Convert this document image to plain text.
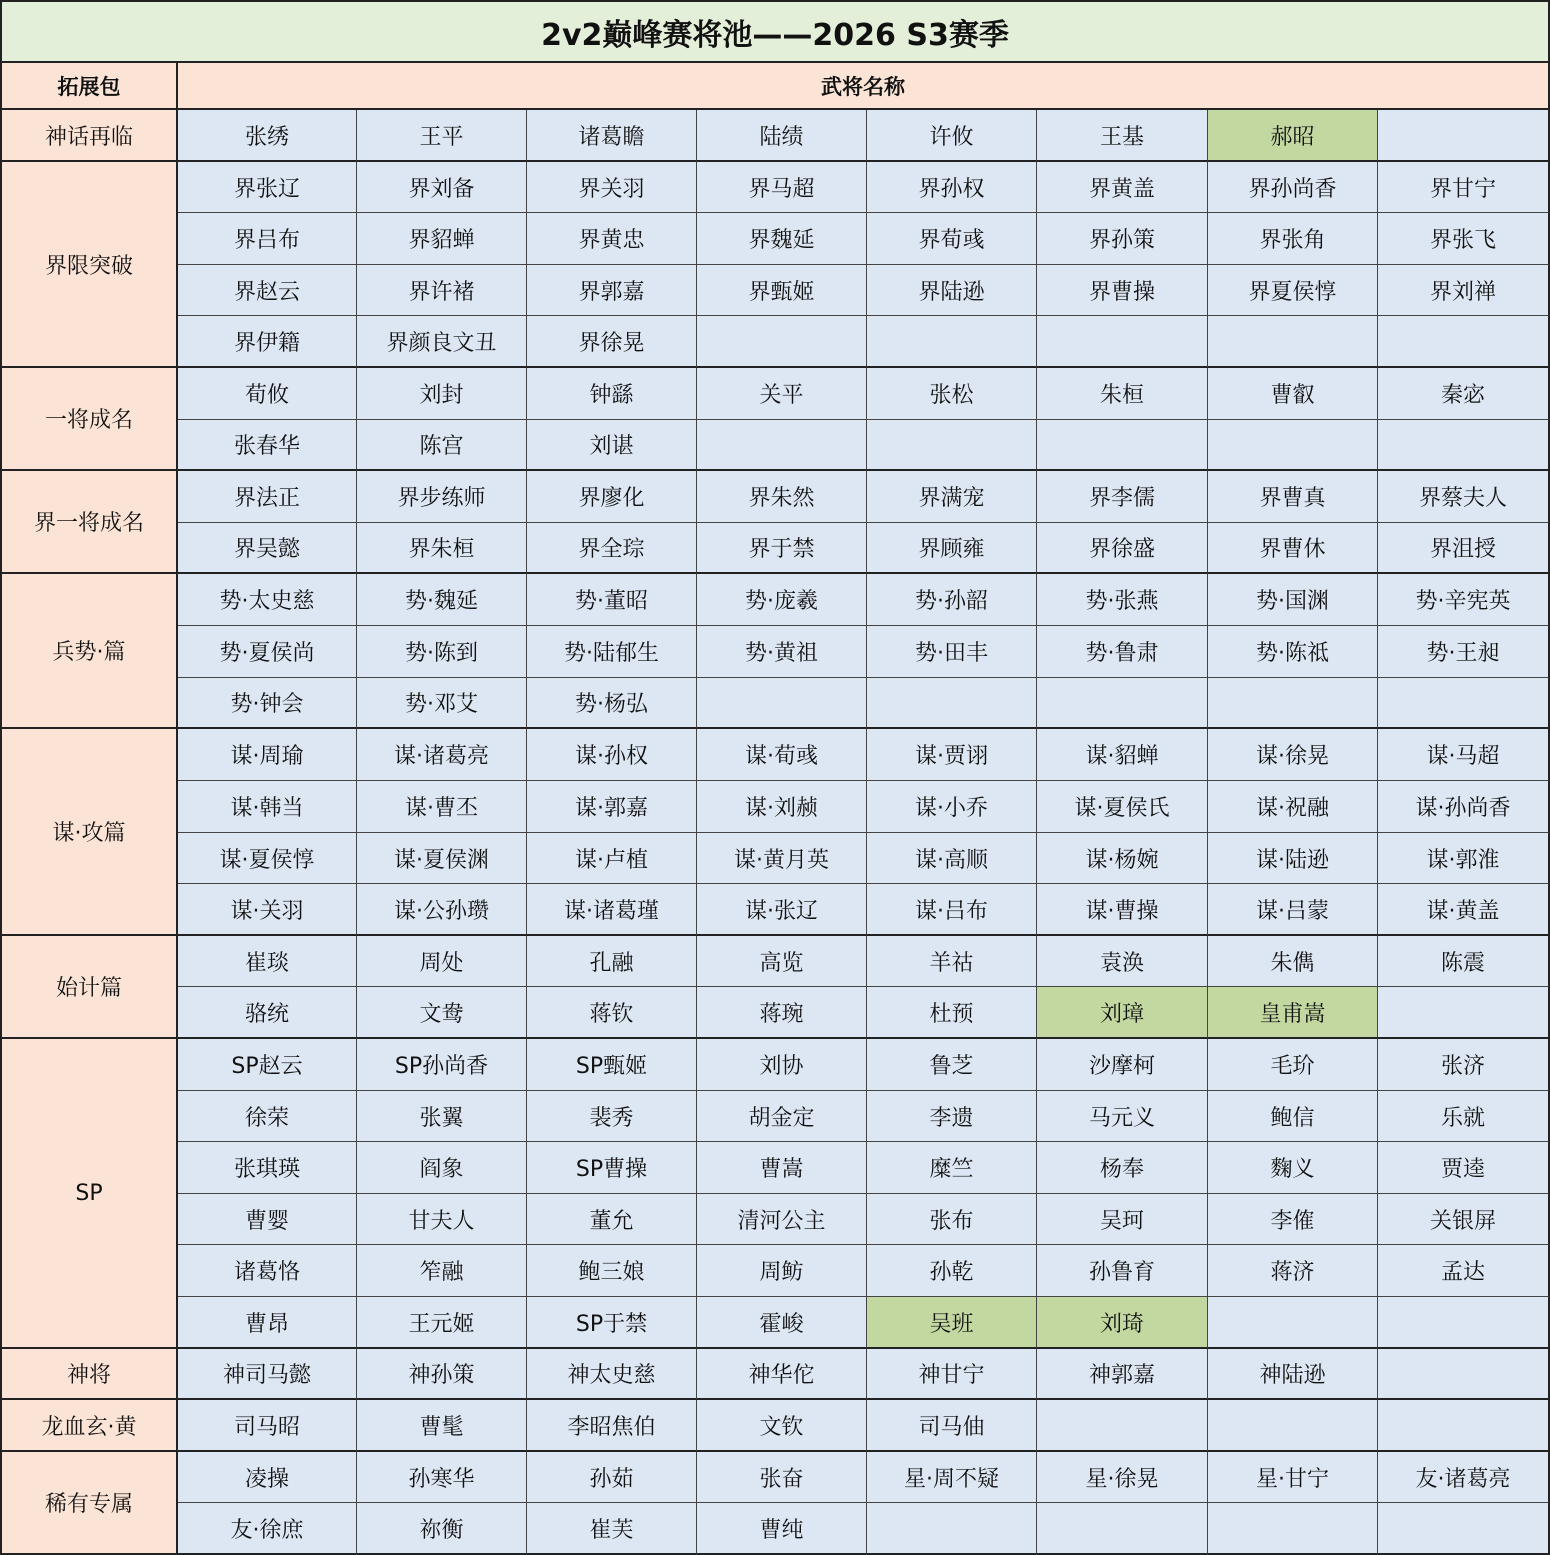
2v2巅峰赛将池——2026 S3赛季
拓展包	武将名称
神话再临	张绣	王平	诸葛瞻	陆绩	许攸	王基	郝昭
界限突破
界张辽	界刘备	界关羽	界马超	界孙权	界黄盖	界孙尚香	界甘宁
界吕布	界貂蝉	界黄忠	界魏延	界荀彧	界孙策	界张角	界张飞
界赵云	界许褚	界郭嘉	界甄姬	界陆逊	界曹操	界夏侯惇	界刘禅
界伊籍	界颜良文丑	界徐晃
一将成名
荀攸	刘封	钟繇	关平	张松	朱桓	曹叡	秦宓
张春华	陈宫	刘谌
界一将成名
界法正	界步练师	界廖化	界朱然	界满宠	界李儒	界曹真	界蔡夫人
界吴懿	界朱桓	界全琮	界于禁	界顾雍	界徐盛	界曹休	界沮授
兵势·篇
势·太史慈	势·魏延	势·董昭	势·庞羲	势·孙韶	势·张燕	势·国渊	势·辛宪英
势·夏侯尚	势·陈到	势·陆郁生	势·黄祖	势·田丰	势·鲁肃	势·陈祗	势·王昶
势·钟会	势·邓艾	势·杨弘
谋·攻篇
谋·周瑜	谋·诸葛亮	谋·孙权	谋·荀彧	谋·贾诩	谋·貂蝉	谋·徐晃	谋·马超
谋·韩当	谋·曹丕	谋·郭嘉	谋·刘赪	谋·小乔	谋·夏侯氏	谋·祝融	谋·孙尚香
谋·夏侯惇	谋·夏侯渊	谋·卢植	谋·黄月英	谋·高顺	谋·杨婉	谋·陆逊	谋·郭淮
谋·关羽	谋·公孙瓒	谋·诸葛瑾	谋·张辽	谋·吕布	谋·曹操	谋·吕蒙	谋·黄盖
始计篇
崔琰	周处	孔融	高览	羊祜	袁涣	朱儁	陈震
骆统	文鸯	蒋钦	蒋琬	杜预	刘璋	皇甫嵩
SP
SP赵云	SP孙尚香	SP甄姬	刘协	鲁芝	沙摩柯	毛玠	张济
徐荣	张翼	裴秀	胡金定	李遗	马元义	鲍信	乐就
张琪瑛	阎象	SP曹操	曹嵩	糜竺	杨奉	麴义	贾逵
曹婴	甘夫人	董允	清河公主	张布	吴珂	李傕	关银屏
诸葛恪	笮融	鲍三娘	周鲂	孙乾	孙鲁育	蒋济	孟达
曹昂	王元姬	SP于禁	霍峻	吴班	刘琦
神将	神司马懿	神孙策	神太史慈	神华佗	神甘宁	神郭嘉	神陆逊
龙血玄·黄	司马昭	曹髦	李昭焦伯	文钦	司马伷
稀有专属
凌操	孙寒华	孙茹	张奋	星·周不疑	星·徐晃	星·甘宁	友·诸葛亮
友·徐庶	祢衡	崔芙	曹纯
